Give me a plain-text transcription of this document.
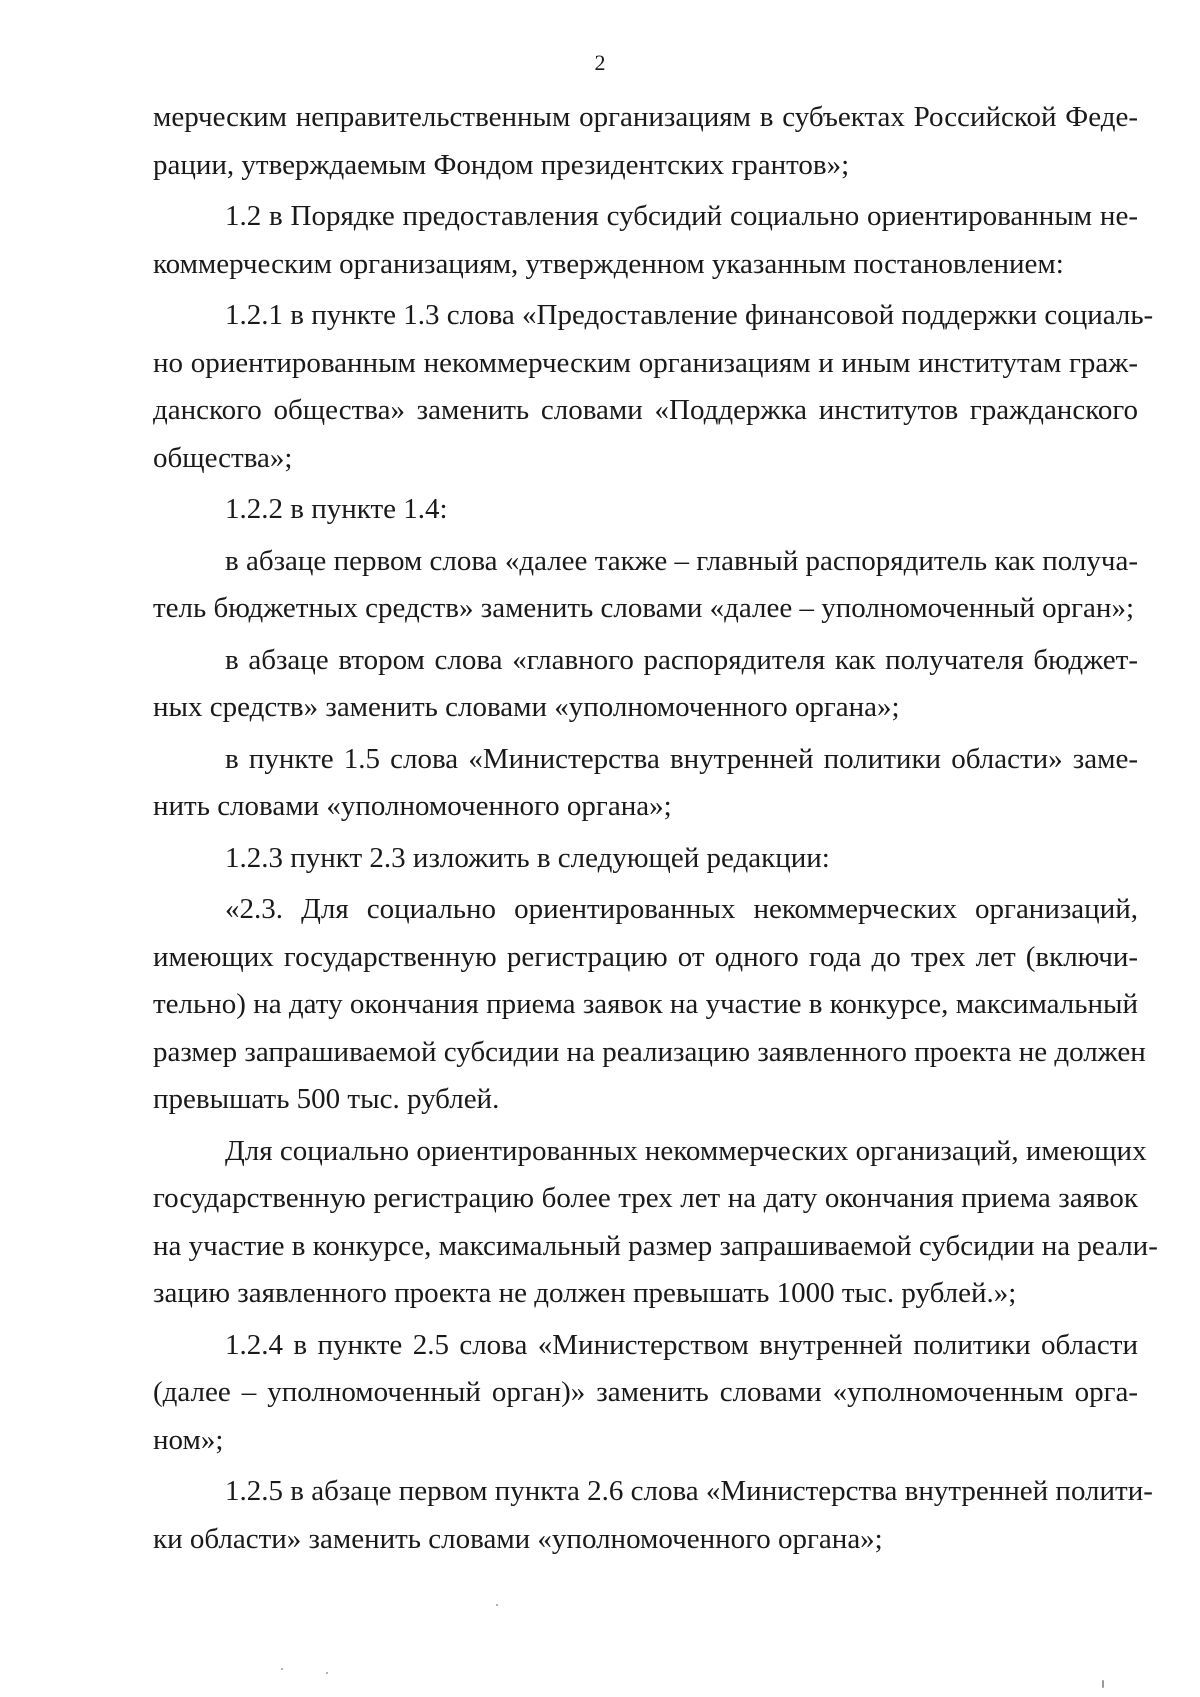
2
мерческим неправительственным организациям в субъектах Российской Феде-
рации, утверждаемым Фондом президентских грантов»;
1.2 в Порядке предоставления субсидий социально ориентированным не-
коммерческим организациям, утвержденном указанным постановлением:
1.2.1 в пункте 1.3 слова «Предоставление финансовой поддержки социаль-
но ориентированным некоммерческим организациям и иным институтам граж-
данского общества» заменить словами «Поддержка институтов гражданского
общества»;
1.2.2 в пункте 1.4:
в абзаце первом слова «далее также – главный распорядитель как получа-
тель бюджетных средств» заменить словами «далее – уполномоченный орган»;
в абзаце втором слова «главного распорядителя как получателя бюджет-
ных средств» заменить словами «уполномоченного органа»;
в пункте 1.5 слова «Министерства внутренней политики области» заме-
нить словами «уполномоченного органа»;
1.2.3 пункт 2.3 изложить в следующей редакции:
«2.3. Для социально ориентированных некоммерческих организаций,
имеющих государственную регистрацию от одного года до трех лет (включи-
тельно) на дату окончания приема заявок на участие в конкурсе, максимальный
размер запрашиваемой субсидии на реализацию заявленного проекта не должен
превышать 500 тыс. рублей.
Для социально ориентированных некоммерческих организаций, имеющих
государственную регистрацию более трех лет на дату окончания приема заявок
на участие в конкурсе, максимальный размер запрашиваемой субсидии на реали-
зацию заявленного проекта не должен превышать 1000 тыс. рублей.»;
1.2.4 в пункте 2.5 слова «Министерством внутренней политики области
(далее – уполномоченный орган)» заменить словами «уполномоченным орга-
ном»;
1.2.5 в абзаце первом пункта 2.6 слова «Министерства внутренней полити-
ки области» заменить словами «уполномоченного органа»;
